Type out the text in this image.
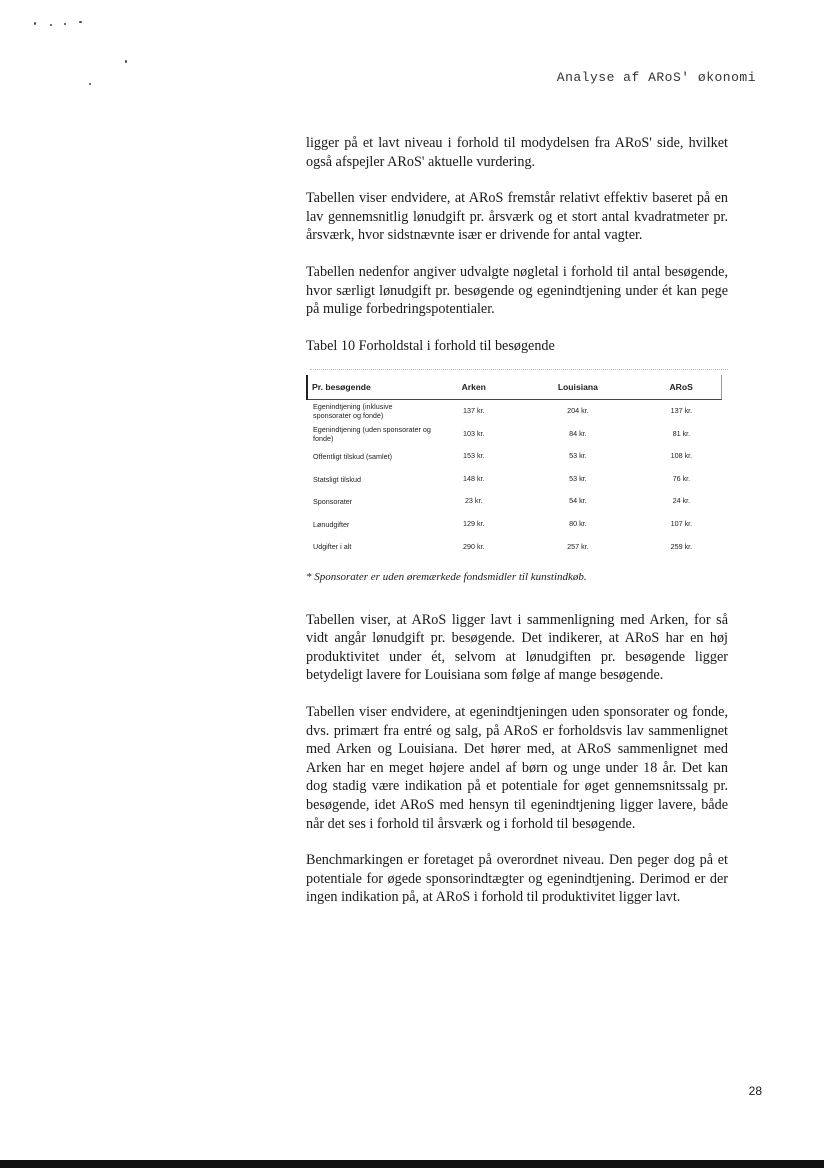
Analyse af ARoS' økonomi

ligger på et lavt niveau i forhold til modydelsen fra ARoS' side, hvilket også afspejler ARoS' aktuelle vurdering.

Tabellen viser endvidere, at ARoS fremstår relativt effektiv baseret på en lav gennemsnitlig lønudgift pr. årsværk og et stort antal kvadratmeter pr. årsværk, hvor sidstnævnte især er drivende for antal vagter.

Tabellen nedenfor angiver udvalgte nøgletal i forhold til antal besøgende, hvor særligt lønudgift pr. besøgende og egenindtjening under ét kan pege på mulige forbedringspotentialer.

Tabel 10 Forholdstal i forhold til besøgende
Pr. besøgende	Arken	Louisiana	ARoS
Egenindtjening (inklusive sponsorater og fonde)	137 kr.	204 kr.	137 kr.
Egenindtjening (uden sponsorater og fonde)	103 kr.	84 kr.	81 kr.
Offentligt tilskud (samlet)	153 kr.	53 kr.	108 kr.
Statsligt tilskud	148 kr.	53 kr.	76 kr.
Sponsorater	23 kr.	54 kr.	24 kr.
Lønudgifter	129 kr.	80 kr.	107 kr.
Udgifter i alt	290 kr.	257 kr.	259 kr.
* Sponsorater er uden øremærkede fondsmidler til kunstindkøb.

Tabellen viser, at ARoS ligger lavt i sammenligning med Arken, for så vidt angår lønudgift pr. besøgende. Det indikerer, at ARoS har en høj produktivitet under ét, selvom at lønudgiften pr. besøgende ligger betydeligt lavere for Louisiana som følge af mange besøgende.

Tabellen viser endvidere, at egenindtjeningen uden sponsorater og fonde, dvs. primært fra entré og salg, på ARoS er forholdsvis lav sammenlignet med Arken og Louisiana. Det hører med, at ARoS sammenlignet med Arken har en meget højere andel af børn og unge under 18 år. Det kan dog stadig være indikation på et potentiale for øget gennemsnitssalg pr. besøgende, idet ARoS med hensyn til egenindtjening ligger lavere, både når det ses i forhold til årsværk og i forhold til besøgende.

Benchmarkingen er foretaget på overordnet niveau. Den peger dog på et potentiale for øgede sponsorindtægter og egenindtjening. Derimod er der ingen indikation på, at ARoS i forhold til produktivitet ligger lavt.

28
